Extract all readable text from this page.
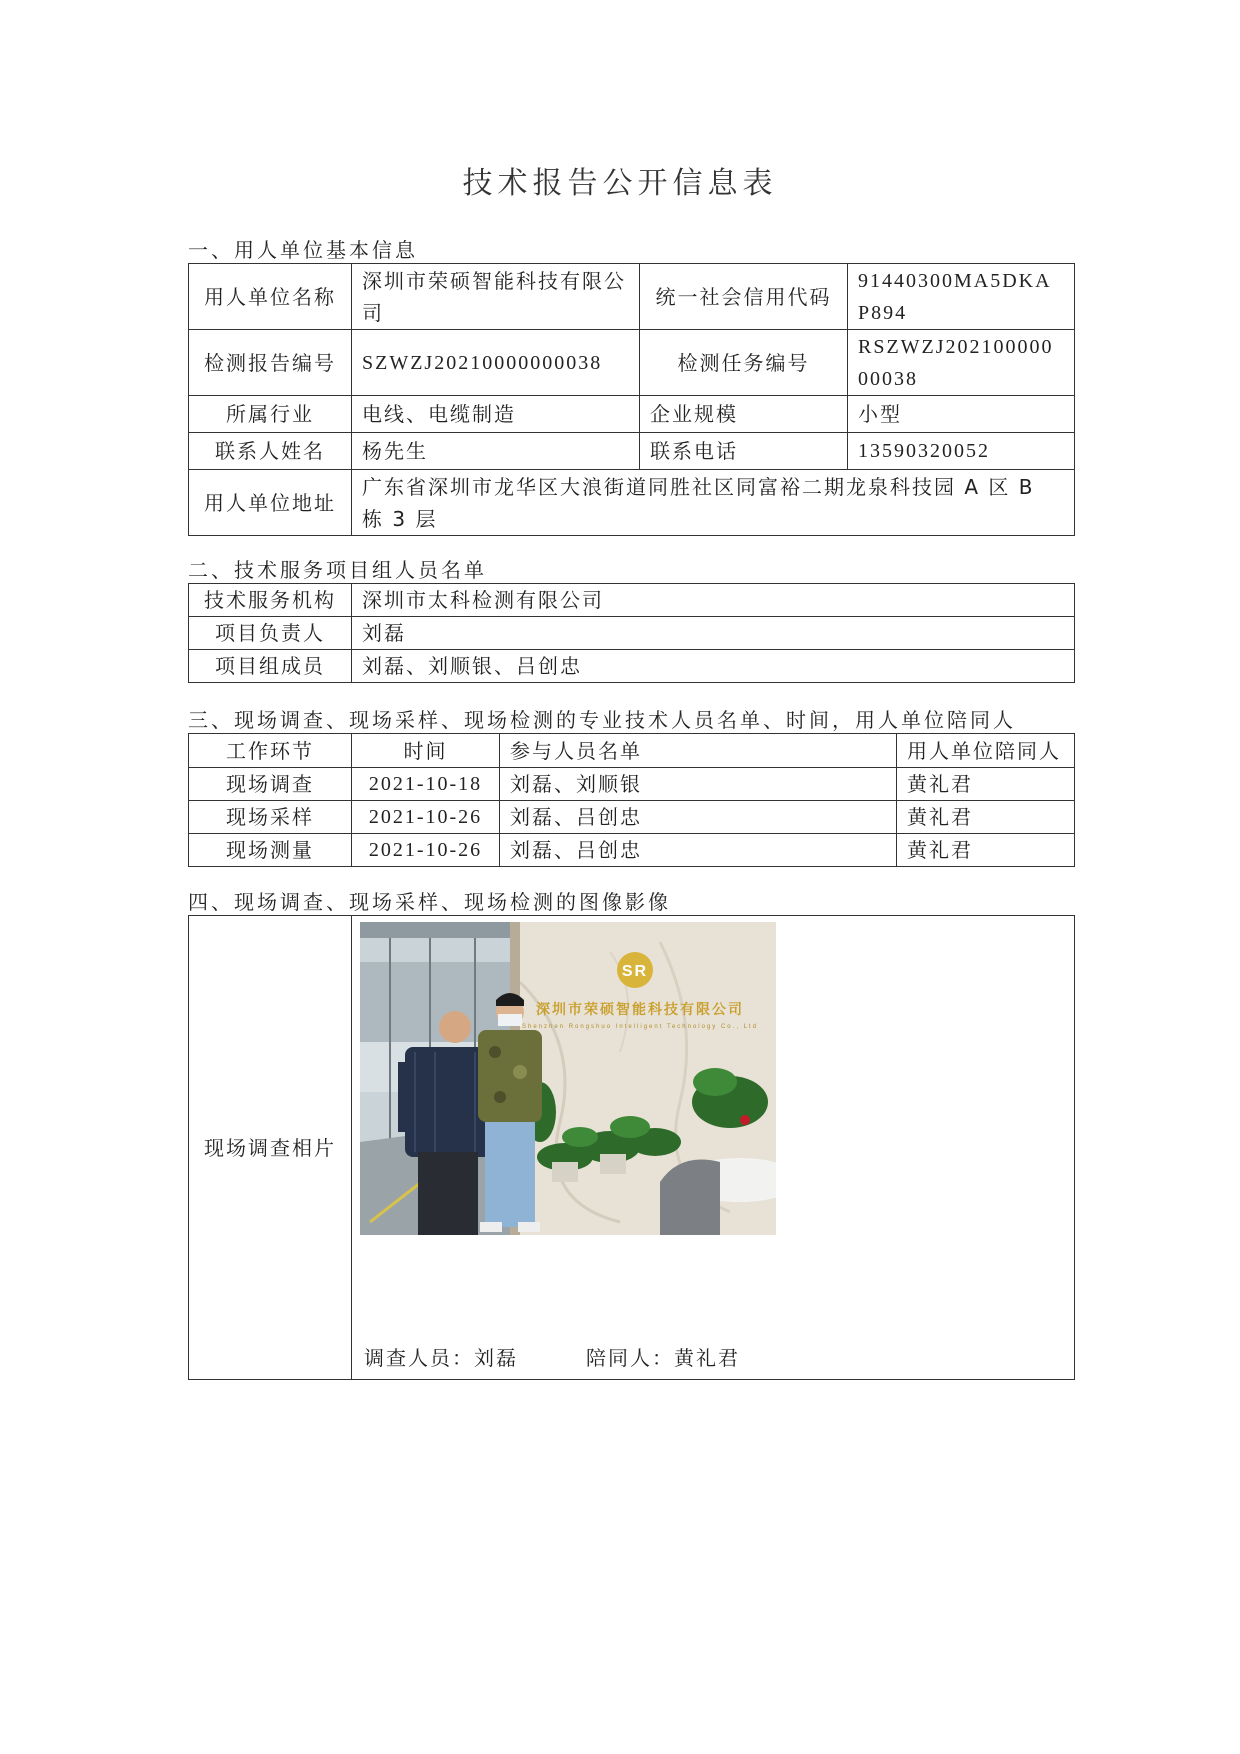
技术报告公开信息表
一、用人单位基本信息
用人单位名称	深圳市荣硕智能科技有限公司	统一社会信用代码	91440300MA5DKAP894
检测报告编号	SZWZJ20210000000038	检测任务编号	RSZWZJ20210000000038
所属行业	电线、电缆制造	企业规模	小型
联系人姓名	杨先生	联系电话	13590320052
用人单位地址	广东省深圳市龙华区大浪街道同胜社区同富裕二期龙泉科技园 A 区 B 栋 3 层		
二、技术服务项目组人员名单
技术服务机构	深圳市太科检测有限公司
项目负责人	刘磊
项目组成员	刘磊、刘顺银、吕创忠
三、现场调查、现场采样、现场检测的专业技术人员名单、时间，用人单位陪同人
工作环节	时间	参与人员名单	用人单位陪同人
现场调查	2021-10-18	刘磊、刘顺银	黄礼君
现场采样	2021-10-26	刘磊、吕创忠	黄礼君
现场测量	2021-10-26	刘磊、吕创忠	黄礼君
四、现场调查、现场采样、现场检测的图像影像
现场调查相片	
SR
深圳市荣硕智能科技有限公司
Shenzhen Rongshuo Intelligent Technology Co., Ltd
调查人员：刘磊	陪同人：黄礼君
